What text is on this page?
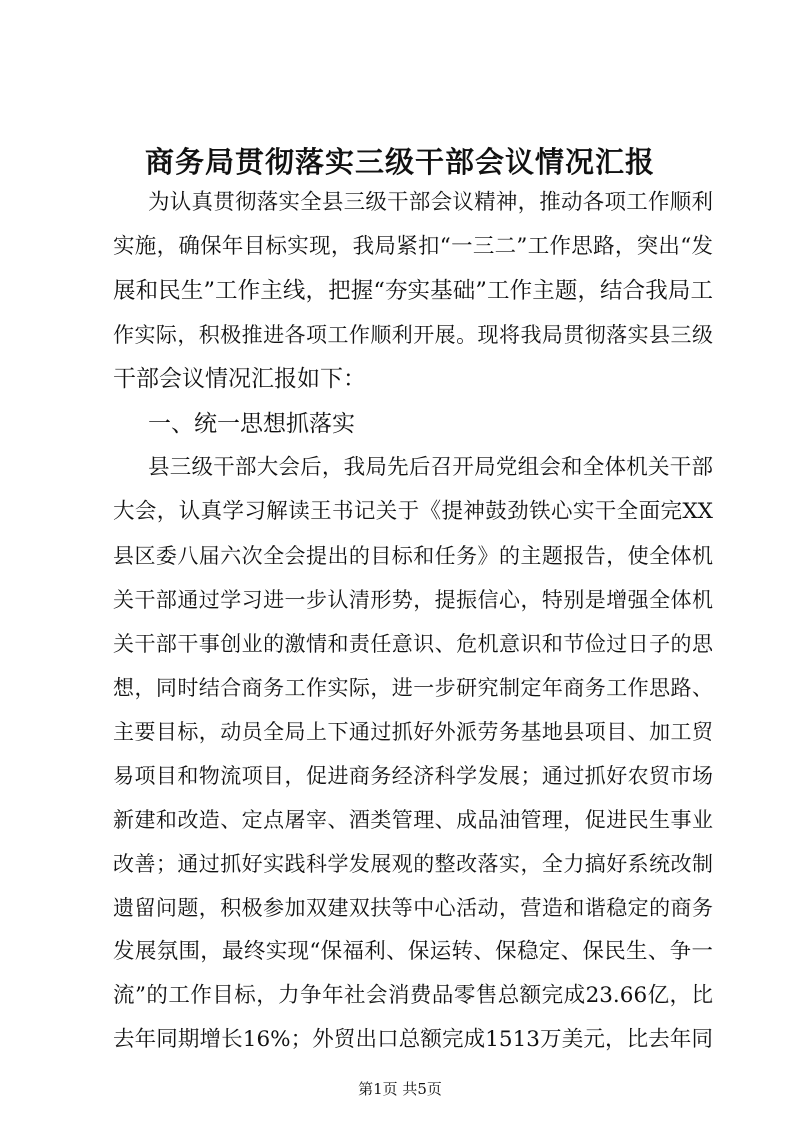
商务局贯彻落实三级干部会议情况汇报
为认真贯彻落实全县三级干部会议精神，推动各项工作顺利
实施，确保年目标实现，我局紧扣“一三二”工作思路，突出“发
展和民生”工作主线，把握“夯实基础”工作主题，结合我局工
作实际，积极推进各项工作顺利开展。现将我局贯彻落实县三级
干部会议情况汇报如下：
一、统一思想抓落实
县三级干部大会后，我局先后召开局党组会和全体机关干部
大会，认真学习解读王书记关于《提神鼓劲铁心实干全面完XX
县区委八届六次全会提出的目标和任务》的主题报告，使全体机
关干部通过学习进一步认清形势，提振信心，特别是增强全体机
关干部干事创业的激情和责任意识、危机意识和节俭过日子的思
想，同时结合商务工作实际，进一步研究制定年商务工作思路、
主要目标，动员全局上下通过抓好外派劳务基地县项目、加工贸
易项目和物流项目，促进商务经济科学发展；通过抓好农贸市场
新建和改造、定点屠宰、酒类管理、成品油管理，促进民生事业
改善；通过抓好实践科学发展观的整改落实，全力搞好系统改制
遗留问题，积极参加双建双扶等中心活动，营造和谐稳定的商务
发展氛围，最终实现“保福利、保运转、保稳定、保民生、争一
流”的工作目标，力争年社会消费品零售总额完成23.66亿，比
去年同期增长16%；外贸出口总额完成1513万美元，比去年同
第1页 共5页
